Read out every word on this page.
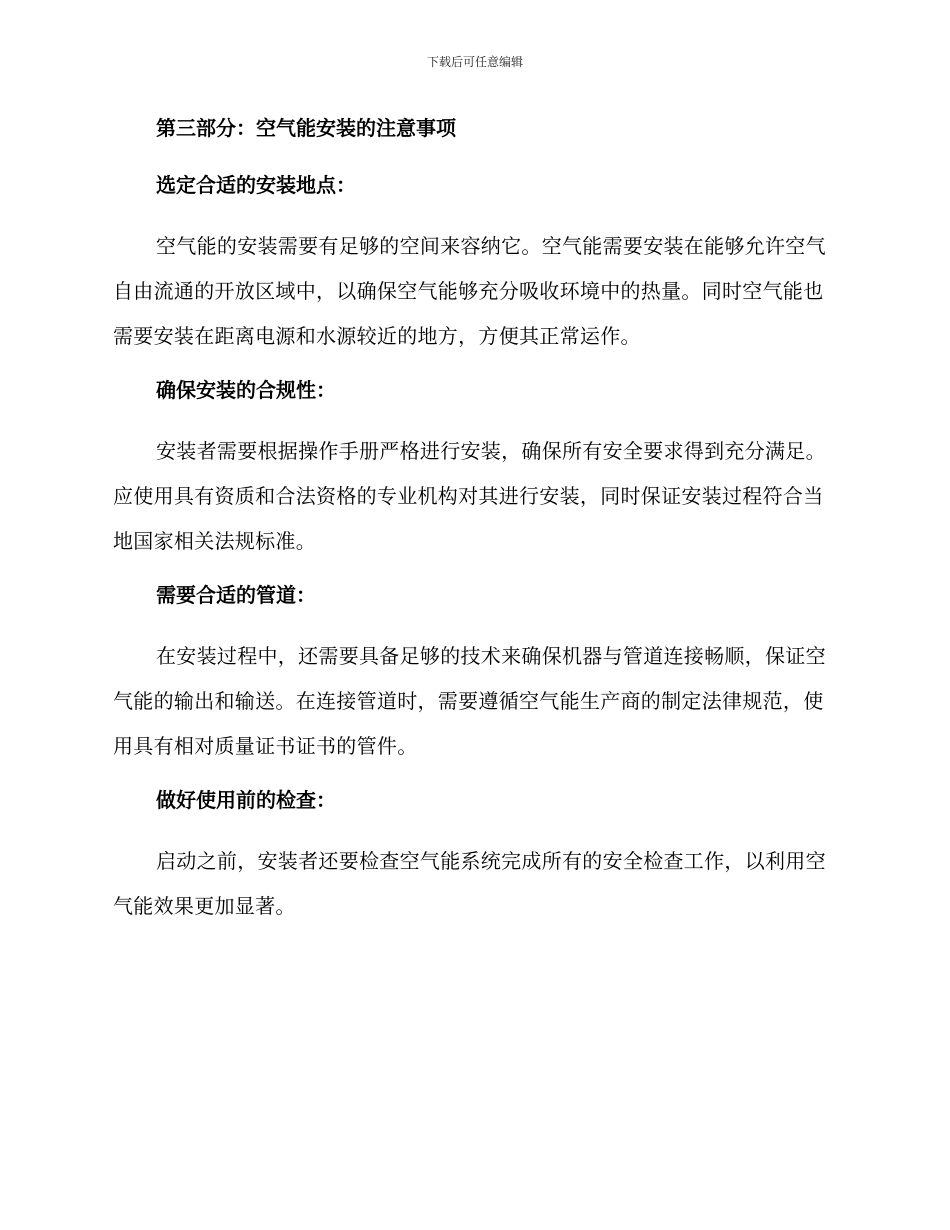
下载后可任意编辑
第三部分：空气能安装的注意事项
选定合适的安装地点：

空气能的安装需要有足够的空间来容纳它。空气能需要安装在能够允许空气自由流通的开放区域中，以确保空气能够充分吸收环境中的热量。同时空气能也需要安装在距离电源和水源较近的地方，方便其正常运作。

确保安装的合规性：

安装者需要根据操作手册严格进行安装，确保所有安全要求得到充分满足。应使用具有资质和合法资格的专业机构对其进行安装，同时保证安装过程符合当地国家相关法规标准。

需要合适的管道：

在安装过程中，还需要具备足够的技术来确保机器与管道连接畅顺，保证空气能的输出和输送。在连接管道时，需要遵循空气能生产商的制定法律规范，使用具有相对质量证书证书的管件。

做好使用前的检查：

启动之前，安装者还要检查空气能系统完成所有的安全检查工作，以利用空气能效果更加显著。
